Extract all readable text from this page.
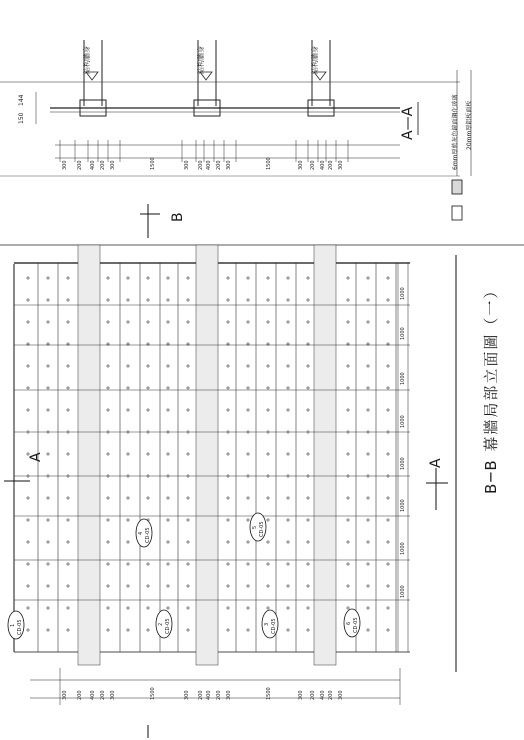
結构牆身	結构牆身	結构牆身
150
144
A—A	6mm厚藍灰色鏡面鋼化玻璃	20mm厚鋁板面板
B
A
A	B─B 幕牆局部立面圖（一）
300 200 400 200 300	1500	300 200 400 200 300	1500	300 200 400 200 300
1000
1000
1000
1000
1000
1000
1000
1000
300 200 400 200 300	1500	300 200 400 200 300	1500	300 200 400 200 300
1 CD-05	2 CD-05	3 CD-05
4 CD-05
5 CD-05
6 CD-05
